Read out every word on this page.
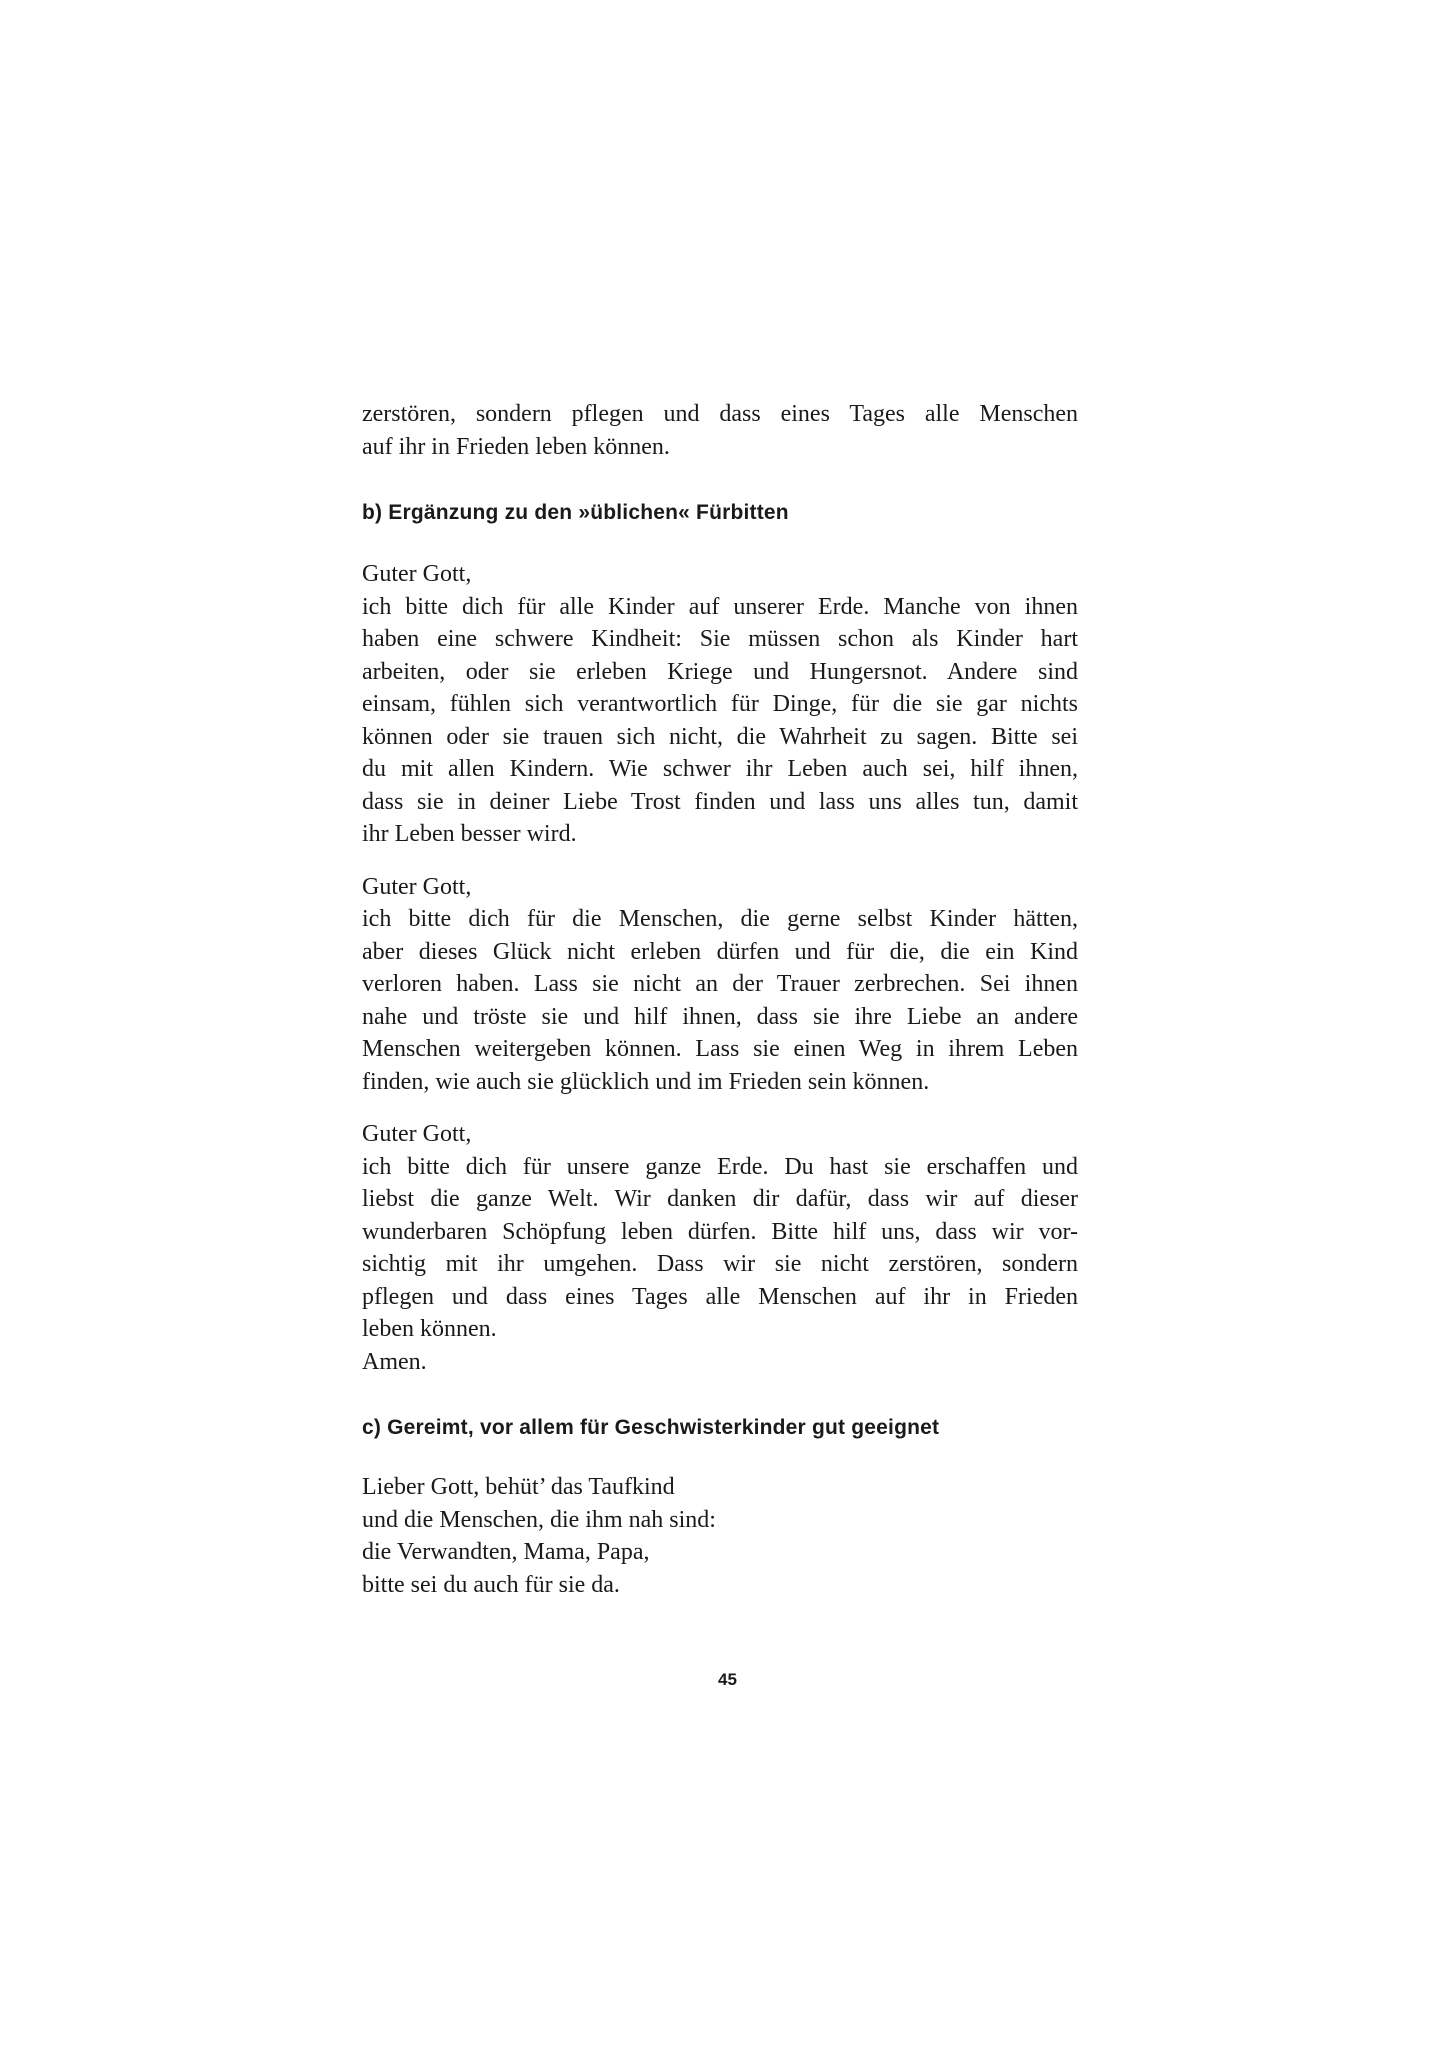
zerstören, sondern pflegen und dass eines Tages alle Menschen

auf ihr in Frieden leben können.

b) Ergänzung zu den »üblichen« Fürbitten

Guter Gott,

ich bitte dich für alle Kinder auf unserer Erde. Manche von ihnen

haben eine schwere Kindheit: Sie müssen schon als Kinder hart

arbeiten, oder sie erleben Kriege und Hungersnot. Andere sind

einsam, fühlen sich verantwortlich für Dinge, für die sie gar nichts

können oder sie trauen sich nicht, die Wahrheit zu sagen. Bitte sei

du mit allen Kindern. Wie schwer ihr Leben auch sei, hilf ihnen,

dass sie in deiner Liebe Trost finden und lass uns alles tun, damit

ihr Leben besser wird.

Guter Gott,

ich bitte dich für die Menschen, die gerne selbst Kinder hätten,

aber dieses Glück nicht erleben dürfen und für die, die ein Kind

verloren haben. Lass sie nicht an der Trauer zerbrechen. Sei ihnen

nahe und tröste sie und hilf ihnen, dass sie ihre Liebe an andere

Menschen weitergeben können. Lass sie einen Weg in ihrem Leben

finden, wie auch sie glücklich und im Frieden sein können.

Guter Gott,

ich bitte dich für unsere ganze Erde. Du hast sie erschaffen und

liebst die ganze Welt. Wir danken dir dafür, dass wir auf dieser

wunderbaren Schöpfung leben dürfen. Bitte hilf uns, dass wir vor-

sichtig mit ihr umgehen. Dass wir sie nicht zerstören, sondern

pflegen und dass eines Tages alle Menschen auf ihr in Frieden

leben können.

Amen.

c) Gereimt, vor allem für Geschwisterkinder gut geeignet

Lieber Gott, behüt’ das Taufkind

und die Menschen, die ihm nah sind:

die Verwandten, Mama, Papa,

bitte sei du auch für sie da.

45
